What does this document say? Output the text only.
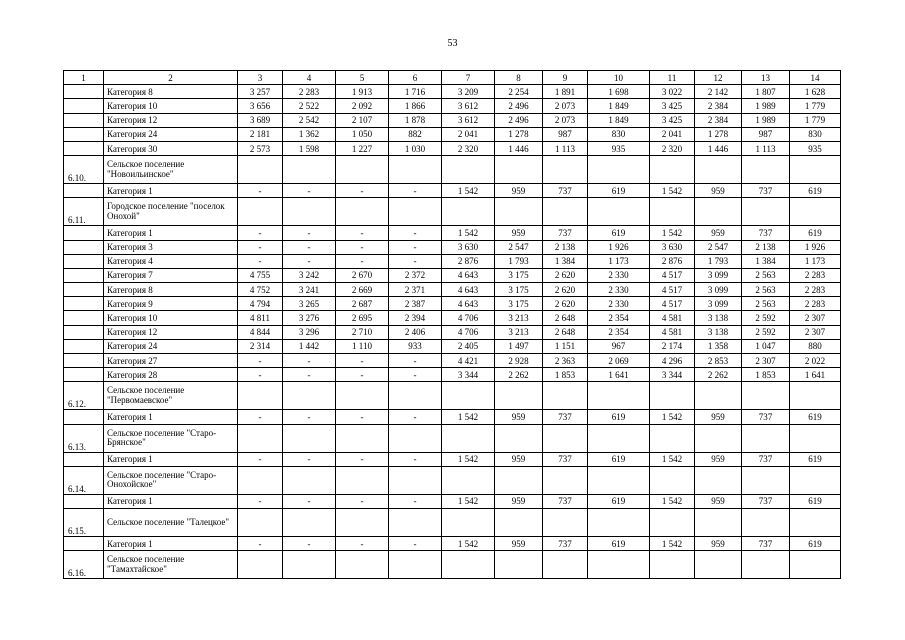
53
1	2	3	4	5	6	7	8	9	10	11	12	13	14
	Категория 8	3 257	2 283	1 913	1 716	3 209	2 254	1 891	1 698	3 022	2 142	1 807	1 628
	Категория 10	3 656	2 522	2 092	1 866	3 612	2 496	2 073	1 849	3 425	2 384	1 989	1 779
	Категория 12	3 689	2 542	2 107	1 878	3 612	2 496	2 073	1 849	3 425	2 384	1 989	1 779
	Категория 24	2 181	1 362	1 050	882	2 041	1 278	987	830	2 041	1 278	987	830
	Категория 30	2 573	1 598	1 227	1 030	2 320	1 446	1 113	935	2 320	1 446	1 113	935
6.10.	Сельское поселение "Новоильинское"												
	Категория 1	-	-	-	-	1 542	959	737	619	1 542	959	737	619
6.11.	Городское поселение "поселок Онохой"												
	Категория 1	-	-	-	-	1 542	959	737	619	1 542	959	737	619
	Категория 3	-	-	-	-	3 630	2 547	2 138	1 926	3 630	2 547	2 138	1 926
	Категория 4	-	-	-	-	2 876	1 793	1 384	1 173	2 876	1 793	1 384	1 173
	Категория 7	4 755	3 242	2 670	2 372	4 643	3 175	2 620	2 330	4 517	3 099	2 563	2 283
	Категория 8	4 752	3 241	2 669	2 371	4 643	3 175	2 620	2 330	4 517	3 099	2 563	2 283
	Категория 9	4 794	3 265	2 687	2 387	4 643	3 175	2 620	2 330	4 517	3 099	2 563	2 283
	Категория 10	4 811	3 276	2 695	2 394	4 706	3 213	2 648	2 354	4 581	3 138	2 592	2 307
	Категория 12	4 844	3 296	2 710	2 406	4 706	3 213	2 648	2 354	4 581	3 138	2 592	2 307
	Категория 24	2 314	1 442	1 110	933	2 405	1 497	1 151	967	2 174	1 358	1 047	880
	Категория 27	-	-	-	-	4 421	2 928	2 363	2 069	4 296	2 853	2 307	2 022
	Категория 28	-	-	-	-	3 344	2 262	1 853	1 641	3 344	2 262	1 853	1 641
6.12.	Сельское поселение "Первомаевское"												
	Категория 1	-	-	-	-	1 542	959	737	619	1 542	959	737	619
6.13.	Сельское поселение "Старо-Брянское"												
	Категория 1	-	-	-	-	1 542	959	737	619	1 542	959	737	619
6.14.	Сельское поселение "Старо-Онохойское"												
	Категория 1	-	-	-	-	1 542	959	737	619	1 542	959	737	619
6.15.	Сельское поселение "Талецкое"												
	Категория 1	-	-	-	-	1 542	959	737	619	1 542	959	737	619
6.16.	Сельское поселение "Тамахтайское"												
